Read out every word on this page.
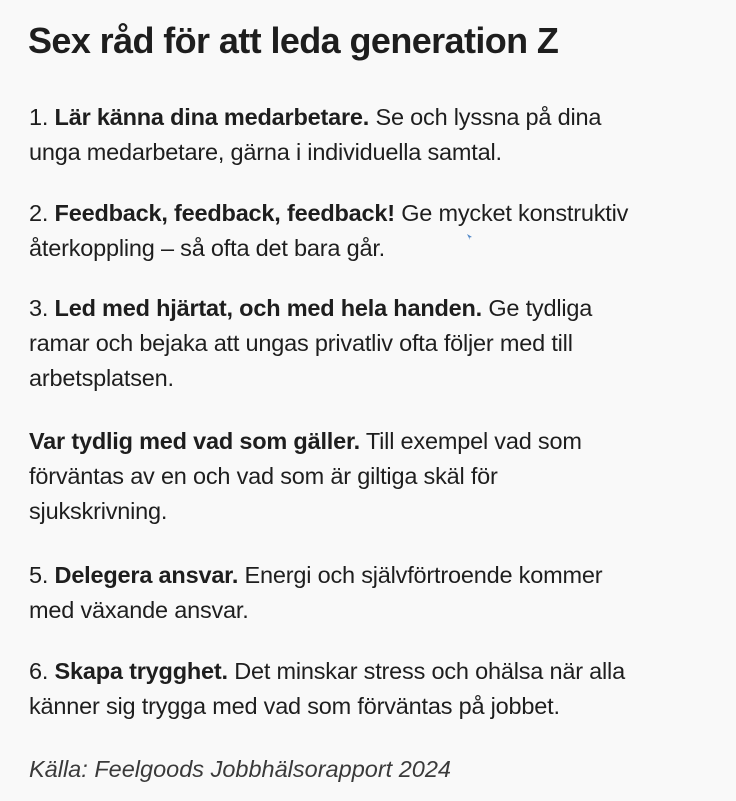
Sex råd för att leda generation Z

1. Lär känna dina medarbetare. Se och lyssna på dina
unga medarbetare, gärna i individuella samtal.

2. Feedback, feedback, feedback! Ge mycket konstruktiv
återkoppling – så ofta det bara går.

3. Led med hjärtat, och med hela handen. Ge tydliga
ramar och bejaka att ungas privatliv ofta följer med till
arbetsplatsen.

Var tydlig med vad som gäller. Till exempel vad som
förväntas av en och vad som är giltiga skäl för
sjukskrivning.

5. Delegera ansvar. Energi och självförtroende kommer
med växande ansvar.

6. Skapa trygghet. Det minskar stress och ohälsa när alla
känner sig trygga med vad som förväntas på jobbet.

Källa: Feelgoods Jobbhälsorapport 2024
